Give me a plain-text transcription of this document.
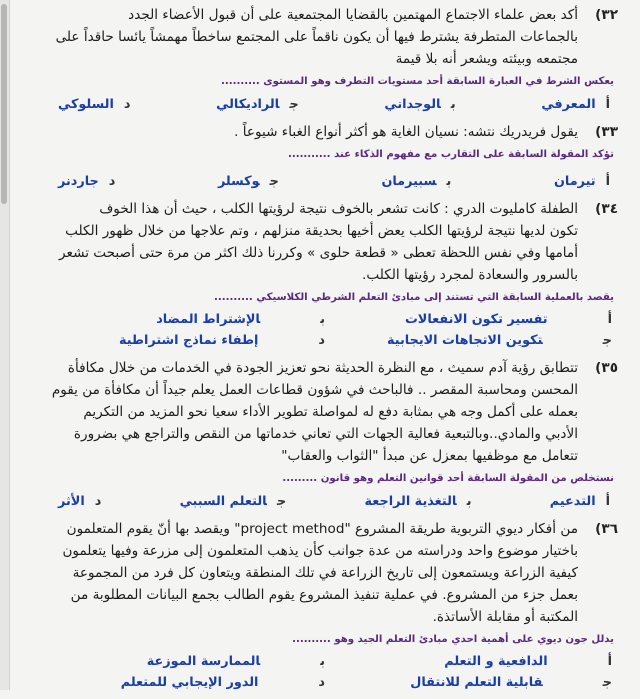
٣٢)
أكد بعض علماء الاجتماع المهتمين بالقضايا المجتمعية على أن قبول الأعضاء الجدد
بالجماعات المتطرفة يشترط فيها أن يكون ناقماً على المجتمع ساخطاً مهمشاً يائسا حاقداً على
مجتمعه وبيئته ويشعر أنه بلا قيمة
يعكس الشرط في العبارة السابقة أحد مستويات التطرف وهو المستوى ..........
أالمعرفي
بالوجداني
جالراديكالي
دالسلوكي
٣٣)
يقول فريدريك نتشه: نسيان الغاية هو أكثر أنواع الغباء شيوعاً .
تؤكد المقولة السابقة على التقارب مع مفهوم الذكاء عند ...........
أتيرمان
بسبيرمان
جوكسلر
دجاردنر
٣٤)
الطفلة كامليوت الدري : كانت تشعر بالخوف نتيجة لرؤيتها الكلب ، حيث أن هذا الخوف
تكون لديها نتيجة لرؤيتها الكلب يعض أخيها بحديقة منزلهم ، وتم علاجها من خلال ظهور الكلب
أمامها وفي نفس اللحظة تعطى « قطعة حلوى » وكررنا ذلك اكثر من مرة حتى أصبحت تشعر
بالسرور والسعادة لمجرد رؤيتها الكلب.
يقصد بالعملية السابقة التي تستند إلى مبادئ التعلم الشرطي الكلاسيكي ..........
أتفسير تكون الانفعالات
بالإشتراط المضاد
جتكوين الاتجاهات الايجابية
دإطفاء نماذج اشتراطية
٣٥)
تتطابق رؤية آدم سميث ، مع النظرة الحديثة نحو تعزيز الجودة في الخدمات من خلال مكافأة
المحسن ومحاسبة المقصر .. فالباحث في شؤون قطاعات العمل يعلم جيداً أن مكافأة من يقوم
بعمله على أكمل وجه هي بمثابة دفع له لمواصلة تطوير الأداء سعيا نحو المزيد من التكريم
الأدبي والمادي..وبالتبعية فعالية الجهات التي تعاني خدماتها من النقص والتراجع هي بضرورة
تتعامل مع موظفيها بمعزل عن مبدأ "الثواب والعقاب"
نستخلص من المقولة السابقة أحد قوانين التعلم وهو قانون .........
أالتدعيم
بالتغذية الراجعة
جالتعلم السببي
دالأثر
٣٦)
من أفكار ديوي التربوية طريقة المشروع "project method" ويقصد بها أنّ يقوم المتعلمون
باختيار موضوع واحد ودراسته من عدة جوانب كأن يذهب المتعلمون إلى مزرعة وفيها يتعلمون
كيفية الزراعة ويستمعون إلى تاريخ الزراعة في تلك المنطقة ويتعاون كل فرد من المجموعة
بعمل جزء من المشروع. في عملية تنفيذ المشروع يقوم الطالب بجمع البيانات المطلوبة من
المكتبة أو مقابلة الأساتذة.
يدلل جون ديوي على أهمية احدي مبادئ التعلم الجيد وهو ..........
أالدافعية و التعلم
بالممارسة الموزعة
جقابلية التعلم للانتقال
دالدور الإيجابي للمتعلم
